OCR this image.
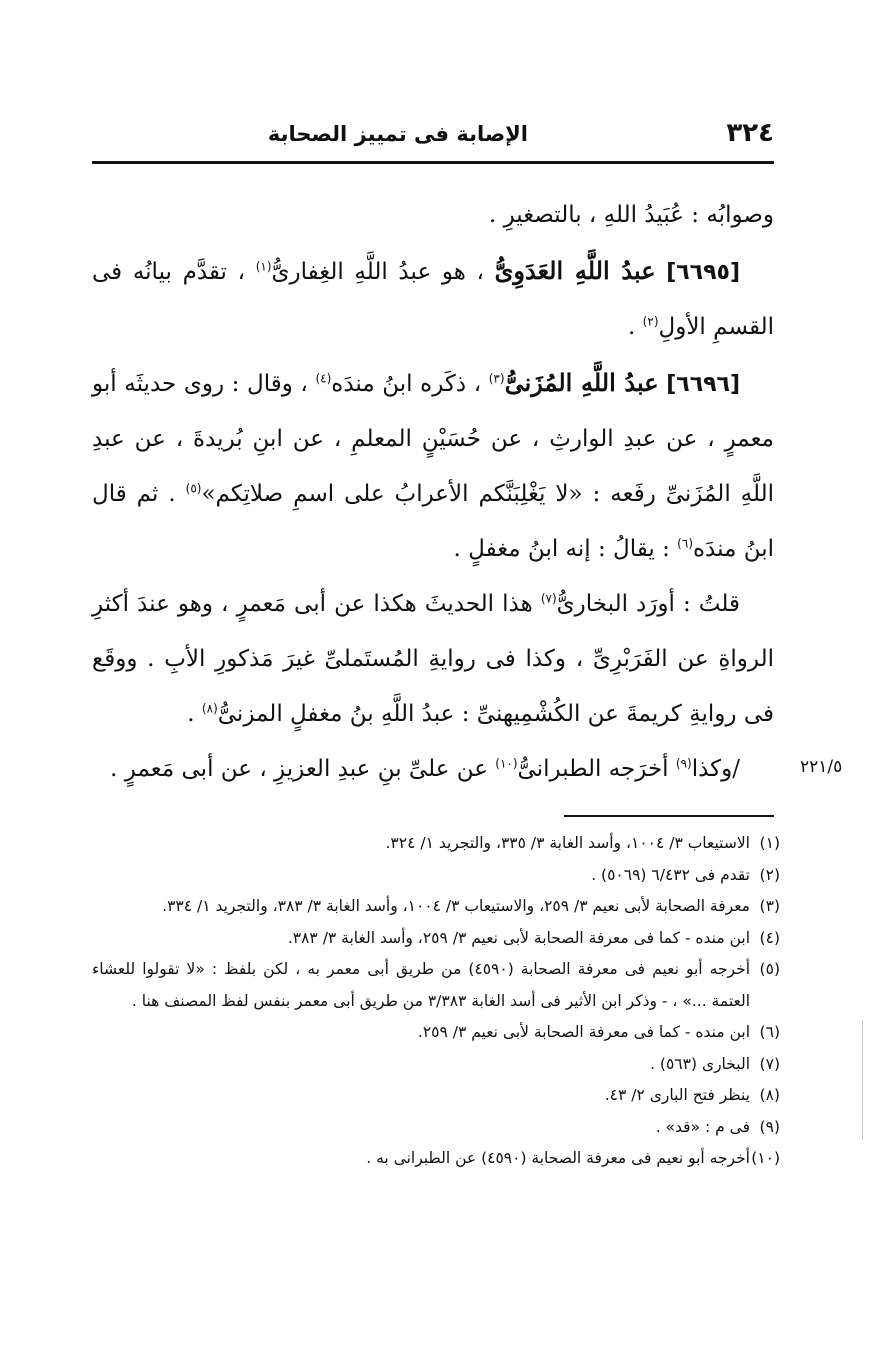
٣٢٤
الإصابة فى تمييز الصحابة

وصوابُه : عُبَيدُ اللهِ ، بالتصغيرِ .

[٦٦٩٥] عبدُ اللَّهِ العَدَوِىُّ ، هو عبدُ اللَّهِ الغِفارىُّ$^{(١)}$ ، تقدَّم بيانُه فى القسمِ الأولِ$^{(٢)}$ .

[٦٦٩٦] عبدُ اللَّهِ المُزَنىُّ$^{(٣)}$ ، ذكَره ابنُ مندَه$^{(٤)}$ ، وقال : روى حديثَه أبو معمرٍ ، عن عبدِ الوارثِ ، عن حُسَيْنٍ المعلمِ ، عن ابنِ بُريدةَ ، عن عبدِ اللَّهِ المُزَنىِّ رفَعه : «لا يَغْلِبَنَّكم الأعرابُ على اسمِ صلاتِكم»$^{(٥)}$ . ثم قال ابنُ مندَه$^{(٦)}$ : يقالُ : إنه ابنُ مغفلٍ .

قلتُ : أورَد البخارىُّ$^{(٧)}$ هذا الحديثَ هكذا عن أبى مَعمرٍ ، وهو عندَ أكثرِ الرواةِ عن الفَرَبْرِىِّ ، وكذا فى روايةِ المُستَملىِّ غيرَ مَذكورِ الأبِ . ووقَع فى روايةِ كريمةَ عن الكُشْمِيهنىِّ : عبدُ اللَّهِ بنُ مغفلٍ المزنىُّ$^{(٨)}$ .

/وكذا$^{(٩)}$ أخرَجه الطبرانىُّ$^{(١٠)}$ عن علىِّ بنِ عبدِ العزيزِ ، عن أبى مَعمرٍ .	٢٢١/٥

(١)الاستيعاب ٣/ ١٠٠٤، وأسد الغابة ٣/ ٣٣٥، والتجريد ١/ ٣٢٤.

(٢)تقدم فى ٦/٤٣٢ (٥٠٦٩) .

(٣)معرفة الصحابة لأبى نعيم ٣/ ٢٥٩، والاستيعاب ٣/ ١٠٠٤، وأسد الغابة ٣/ ٣٨٣، والتجريد ١/ ٣٣٤.

(٤)ابن منده - كما فى معرفة الصحابة لأبى نعيم ٣/ ٢٥٩، وأسد الغابة ٣/ ٣٨٣.

(٥)أخرجه أبو نعيم فى معرفة الصحابة (٤٥٩٠) من طريق أبى معمر به ، لكن بلفظ : «لا تقولوا للعشاء العتمة ...» ، - وذكر ابن الأثير فى أسد الغابة ٣/٣٨٣ من طريق أبى معمر بنفس لفظ المصنف هنا .

(٦)ابن منده - كما فى معرفة الصحابة لأبى نعيم ٣/ ٢٥٩.

(٧)البخارى (٥٦٣) .

(٨)ينظر فتح البارى ٢/ ٤٣.

(٩)فى م : «قد» .

(١٠)أخرجه أبو نعيم فى معرفة الصحابة (٤٥٩٠) عن الطبرانى به .
